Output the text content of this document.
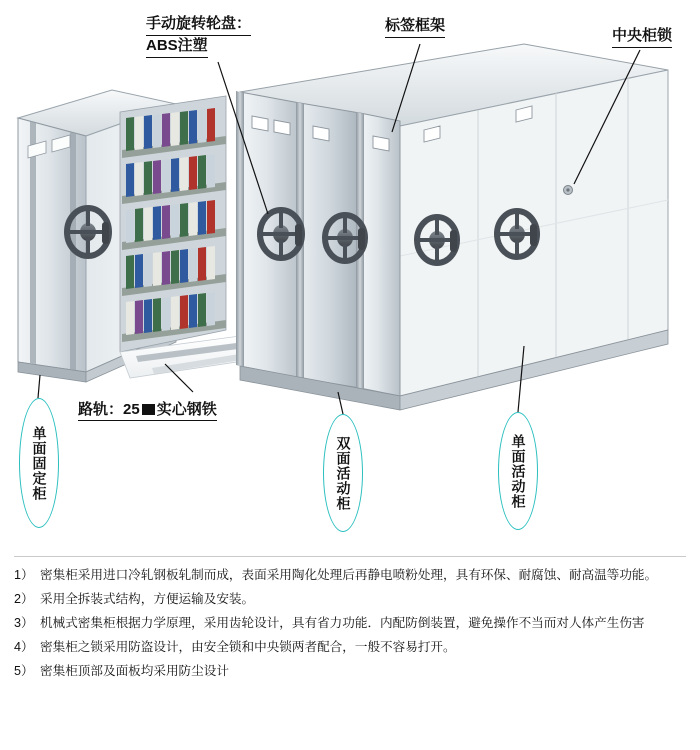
手动旋转轮盘：
ABS注塑
标签框架
中央柜锁
路轨：25 实心钢铁
单面固定柜	双面活动柜	单面活动柜
1） 密集柜采用进口冷轧钢板轧制而成，表面采用陶化处理后再静电喷粉处理，具有环保、耐腐蚀、耐高温等功能。
2） 采用全拆装式结构，方便运输及安装。
3） 机械式密集柜根据力学原理，采用齿轮设计，具有省力功能．内配防倒装置，避免操作不当而对人体产生伤害
4） 密集柜之锁采用防盗设计，由安全锁和中央锁两者配合，一般不容易打开。
5） 密集柜顶部及面板均采用防尘设计
